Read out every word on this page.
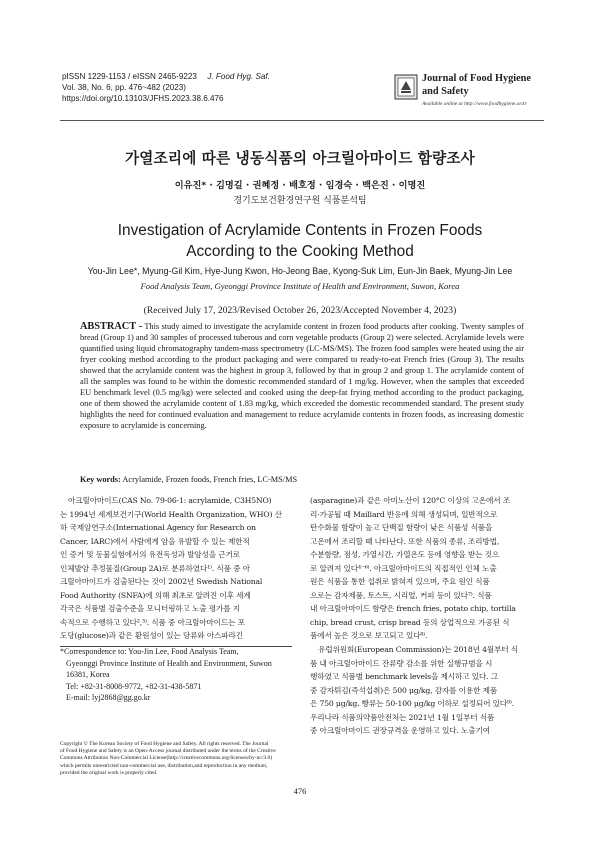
pISSN 1229-1153 / eISSN 2465-9223 J. Food Hyg. Saf.
Vol. 38, No. 6, pp. 476~482 (2023)
https://doi.org/10.13103/JFHS.2023.38.6.476
Journal of Food Hygiene
and Safety
Available online at http://www.foodhygiene.or.kr
가열조리에 따른 냉동식품의 아크릴아마이드 함량조사
이유진* · 김명길 · 권혜정 · 배호정 · 임경숙 · 백은진 · 이명진
경기도보건환경연구원 식품분석팀
Investigation of Acrylamide Contents in Frozen Foods
According to the Cooking Method
You-Jin Lee*, Myung-Gil Kim, Hye-Jung Kwon, Ho-Jeong Bae, Kyong-Suk Lim, Eun-Jin Baek, Myung-Jin Lee
Food Analysis Team, Gyeonggi Province Institute of Health and Environment, Suwon, Korea
(Received July 17, 2023/Revised October 26, 2023/Accepted November 4, 2023)
ABSTRACT - This study aimed to investigate the acrylamide content in frozen food products after cooking. Twenty samples of bread (Group 1) and 30 samples of processed tuberous and corn vegetable products (Group 2) were selected. Acrylamide levels were quantified using liquid chromatography tandem-mass spectrometry (LC-MS/MS). The frozen food samples were heated using the air fryer cooking method according to the product packaging and were compared to ready-to-eat French fries (Group 3). The results showed that the acrylamide content was the highest in group 3, followed by that in group 2 and group 1. The acrylamide content of all the samples was found to be within the domestic recommended standard of 1 mg/kg. However, when the samples that exceeded EU benchmark level (0.5 mg/kg) were selected and cooked using the deep-fat frying method according to the product packaging, one of them showed the acrylamide content of 1.83 mg/kg, which exceeded the domestic recommended standard. The present study highlights the need for continued evaluation and management to reduce acrylamide contents in frozen foods, as increasing domestic exposure to acrylamide is concerning.
Key words: Acrylamide, Frozen foods, French fries, LC-MS/MS
아크릴아마이드(CAS No. 79-06-1: acrylamide, C3H5NO)
는 1994년 세계보건기구(World Health Organization, WHO) 산
하 국제암연구소(International Agency for Research on
Cancer, IARC)에서 사람에게 암을 유발할 수 있는 제한적
인 증거 및 동물실험에서의 유전독성과 발암성을 근거로
인체발암 추정물질(Group 2A)로 분류하였다¹⁾. 식품 중 아
크릴아마이드가 검출된다는 것이 2002년 Swedish National
Food Authority (SNFA)에 의해 최초로 알려진 이후 세계
각국은 식품별 검출수준을 모니터링하고 노출 평가를 지
속적으로 수행하고 있다²,³⁾. 식품 중 아크릴아마이드는 포
도당(glucose)과 같은 환원성이 있는 당류와 아스파라긴
(asparagine)과 같은 아미노산이 120°C 이상의 고온에서 조
리·가공될 때 Maillard 반응에 의해 생성되며, 일반적으로
탄수화물 함량이 높고 단백질 함량이 낮은 식품성 식품을
고온에서 조리할 때 나타난다. 또한 식품의 종류, 조리방법,
수분함량, 점성, 가열시간, 가열온도 등에 영향을 받는 것으
로 알려져 있다⁴⁻⁶⁾. 아크릴아마이드의 직접적인 인체 노출
원은 식품을 통한 섭취로 밝혀져 있으며, 주요 원인 식품
으로는 감자제품, 토스트, 시리얼, 커피 등이 있다⁷⁾. 식품
내 아크릴아마이드 함량은 french fries, potato chip, tortilla
chip, bread crust, crisp bread 등의 상업적으로 가공된 식
품에서 높은 것으로 보고되고 있다⁸⁾.
유럽위원회(European Commission)는 2018년 4월부터 식
품 내 아크릴아마이드 잔류량 감소를 위한 실행규범을 시
행하였고 식품별 benchmark levels을 제시하고 있다. 그
중 감자튀김(즉석섭취)은 500 μg/kg, 감자를 이용한 제품
은 750 μg/kg, 빵류는 50-100 μg/kg 이하로 설정되어 있다⁹⁾.
우리나라 식품의약품안전처는 2021년 1월 1일부터 식품
중 아크릴아마이드 권장규격을 운영하고 있다. 노출기여
*Correspondence to: You-Jin Lee, Food Analysis Team,
Gyeonggi Province Institute of Health and Environment, Suwon
16381, Korea
Tel: +82-31-8008-9772, +82-31-438-5871
E-mail: lyj2868@gg.go.kr
Copyright © The Korean Society of Food Hygiene and Safety. All rights reserved. The Journal
of Food Hygiene and Safety is an Open-Access journal distributed under the terms of the Creative
Commons Attribution Non-Commercial License(http://creativecommons.org/licenses/by-nc/3.0)
which permits unrestricted non-commercial use, distribution,and reproduction in any medium,
provided the original work is properly cited.
476
